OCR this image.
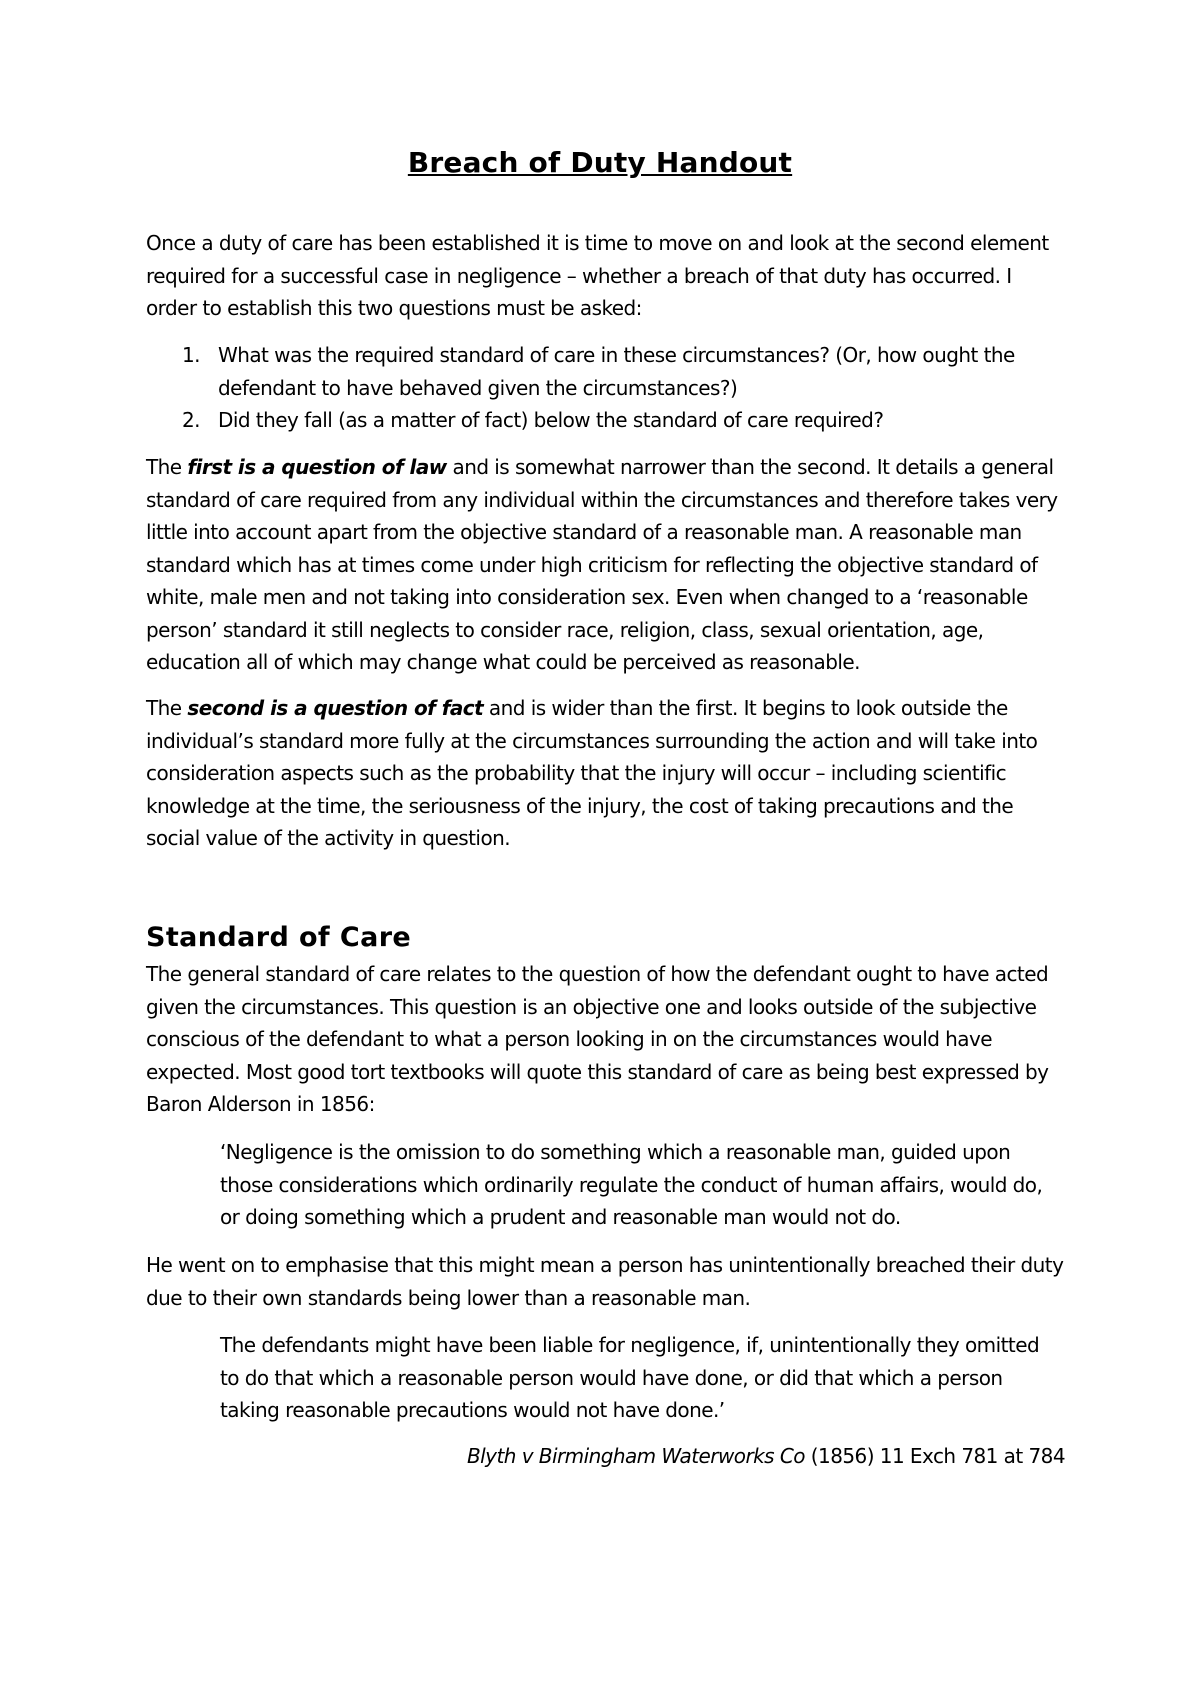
Breach of Duty Handout

Once a duty of care has been established it is time to move on and look at the second element required for a successful case in negligence – whether a breach of that duty has occurred. I order to establish this two questions must be asked:

1. What was the required standard of care in these circumstances? (Or, how ought the defendant to have behaved given the circumstances?)
2. Did they fall (as a matter of fact) below the standard of care required?

The first is a question of law and is somewhat narrower than the second. It details a general standard of care required from any individual within the circumstances and therefore takes very little into account apart from the objective standard of a reasonable man. A reasonable man standard which has at times come under high criticism for reflecting the objective standard of white, male men and not taking into consideration sex. Even when changed to a ‘reasonable person’ standard it still neglects to consider race, religion, class, sexual orientation, age, education all of which may change what could be perceived as reasonable.

The second is a question of fact and is wider than the first. It begins to look outside the individual’s standard more fully at the circumstances surrounding the action and will take into consideration aspects such as the probability that the injury will occur – including scientific knowledge at the time, the seriousness of the injury, the cost of taking precautions and the social value of the activity in question.

Standard of Care

The general standard of care relates to the question of how the defendant ought to have acted given the circumstances. This question is an objective one and looks outside of the subjective conscious of the defendant to what a person looking in on the circumstances would have expected. Most good tort textbooks will quote this standard of care as being best expressed by Baron Alderson in 1856:

‘Negligence is the omission to do something which a reasonable man, guided upon those considerations which ordinarily regulate the conduct of human affairs, would do, or doing something which a prudent and reasonable man would not do.

He went on to emphasise that this might mean a person has unintentionally breached their duty due to their own standards being lower than a reasonable man.

The defendants might have been liable for negligence, if, unintentionally they omitted to do that which a reasonable person would have done, or did that which a person taking reasonable precautions would not have done.’

Blyth v Birmingham Waterworks Co (1856) 11 Exch 781 at 784
